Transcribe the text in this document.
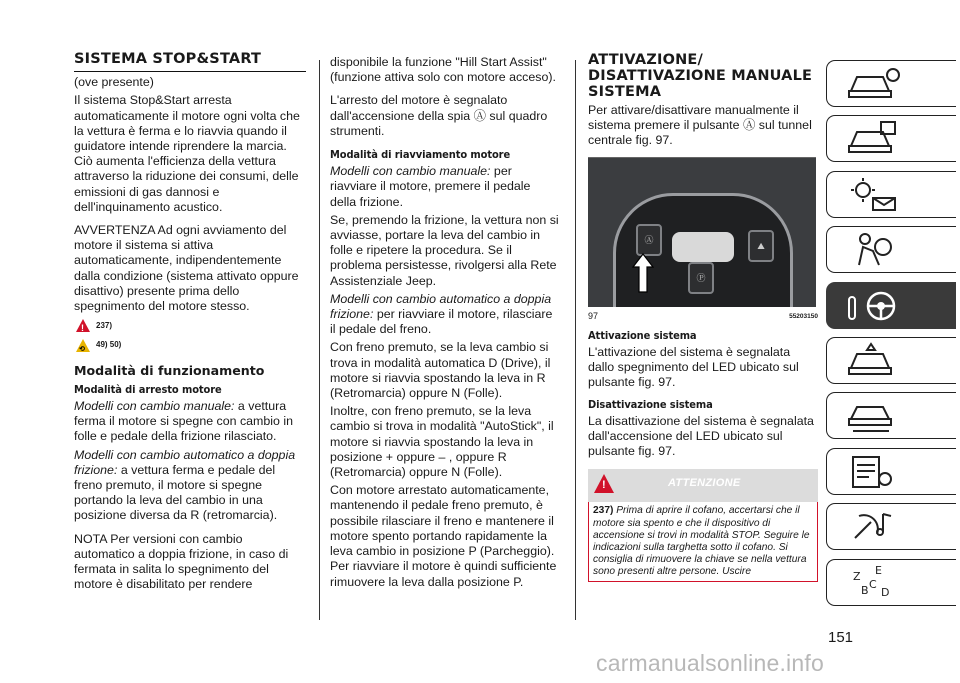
SISTEMA STOP&START

(ove presente)

Il sistema Stop&Start arresta automaticamente il motore ogni volta che la vettura è ferma e lo riavvia quando il guidatore intende riprendere la marcia. Ciò aumenta l'efficienza della vettura attraverso la riduzione dei consumi, delle emissioni di gas dannosi e dell'inquinamento acustico.

AVVERTENZA Ad ogni avviamento del motore il sistema si attiva automaticamente, indipendentemente dalla condizione (sistema attivato oppure disattivo) presente prima dello spegnimento del motore stesso.

!
237)
⟲
49) 50)
Modalità di funzionamento
Modalità di arresto motore

Modelli con cambio manuale: a vettura ferma il motore si spegne con cambio in folle e pedale della frizione rilasciato.

Modelli con cambio automatico a doppia frizione: a vettura ferma e pedale del freno premuto, il motore si spegne portando la leva del cambio in una posizione diversa da R (retromarcia).

NOTA Per versioni con cambio automatico a doppia frizione, in caso di fermata in salita lo spegnimento del motore è disabilitato per rendere

disponibile la funzione "Hill Start Assist" (funzione attiva solo con motore acceso).

L'arresto del motore è segnalato dall'accensione della spia Ⓐ sul quadro strumenti.

Modalità di riavviamento motore

Modelli con cambio manuale: per riavviare il motore, premere il pedale della frizione.

Se, premendo la frizione, la vettura non si avviasse, portare la leva del cambio in folle e ripetere la procedura. Se il problema persistesse, rivolgersi alla Rete Assistenziale Jeep.

Modelli con cambio automatico a doppia frizione: per riavviare il motore, rilasciare il pedale del freno.

Con freno premuto, se la leva cambio si trova in modalità automatica D (Drive), il motore si riavvia spostando la leva in R (Retromarcia) oppure N (Folle).

Inoltre, con freno premuto, se la leva cambio si trova in modalità "AutoStick", il motore si riavvia spostando la leva in posizione + oppure – , oppure R (Retromarcia) oppure N (Folle).

Con motore arrestato automaticamente, mantenendo il pedale freno premuto, è possibile rilasciare il freno e mantenere il motore spento portando rapidamente la leva cambio in posizione P (Parcheggio). Per riavviare il motore è quindi sufficiente rimuovere la leva dalla posizione P.

ATTIVAZIONE/ DISATTIVAZIONE MANUALE SISTEMA

Per attivare/disattivare manualmente il sistema premere il pulsante Ⓐ sul tunnel centrale fig. 97.

Ⓐ
Ⓟ
⛰
97	55203150
Attivazione sistema

L'attivazione del sistema è segnalata dallo spegnimento del LED ubicato sul pulsante fig. 97.

Disattivazione sistema

La disattivazione del sistema è segnalata dall'accensione del LED ubicato sul pulsante fig. 97.

!
ATTENZIONE
237) Prima di aprire il cofano, accertarsi che il motore sia spento e che il dispositivo di accensione si trovi in modalità STOP. Seguire le indicazioni sulla targhetta sotto il cofano. Si consiglia di rimuovere la chiave se nella vettura sono presenti altre persone. Uscire	Z E
B D
C
151
carmanualsonline.info
